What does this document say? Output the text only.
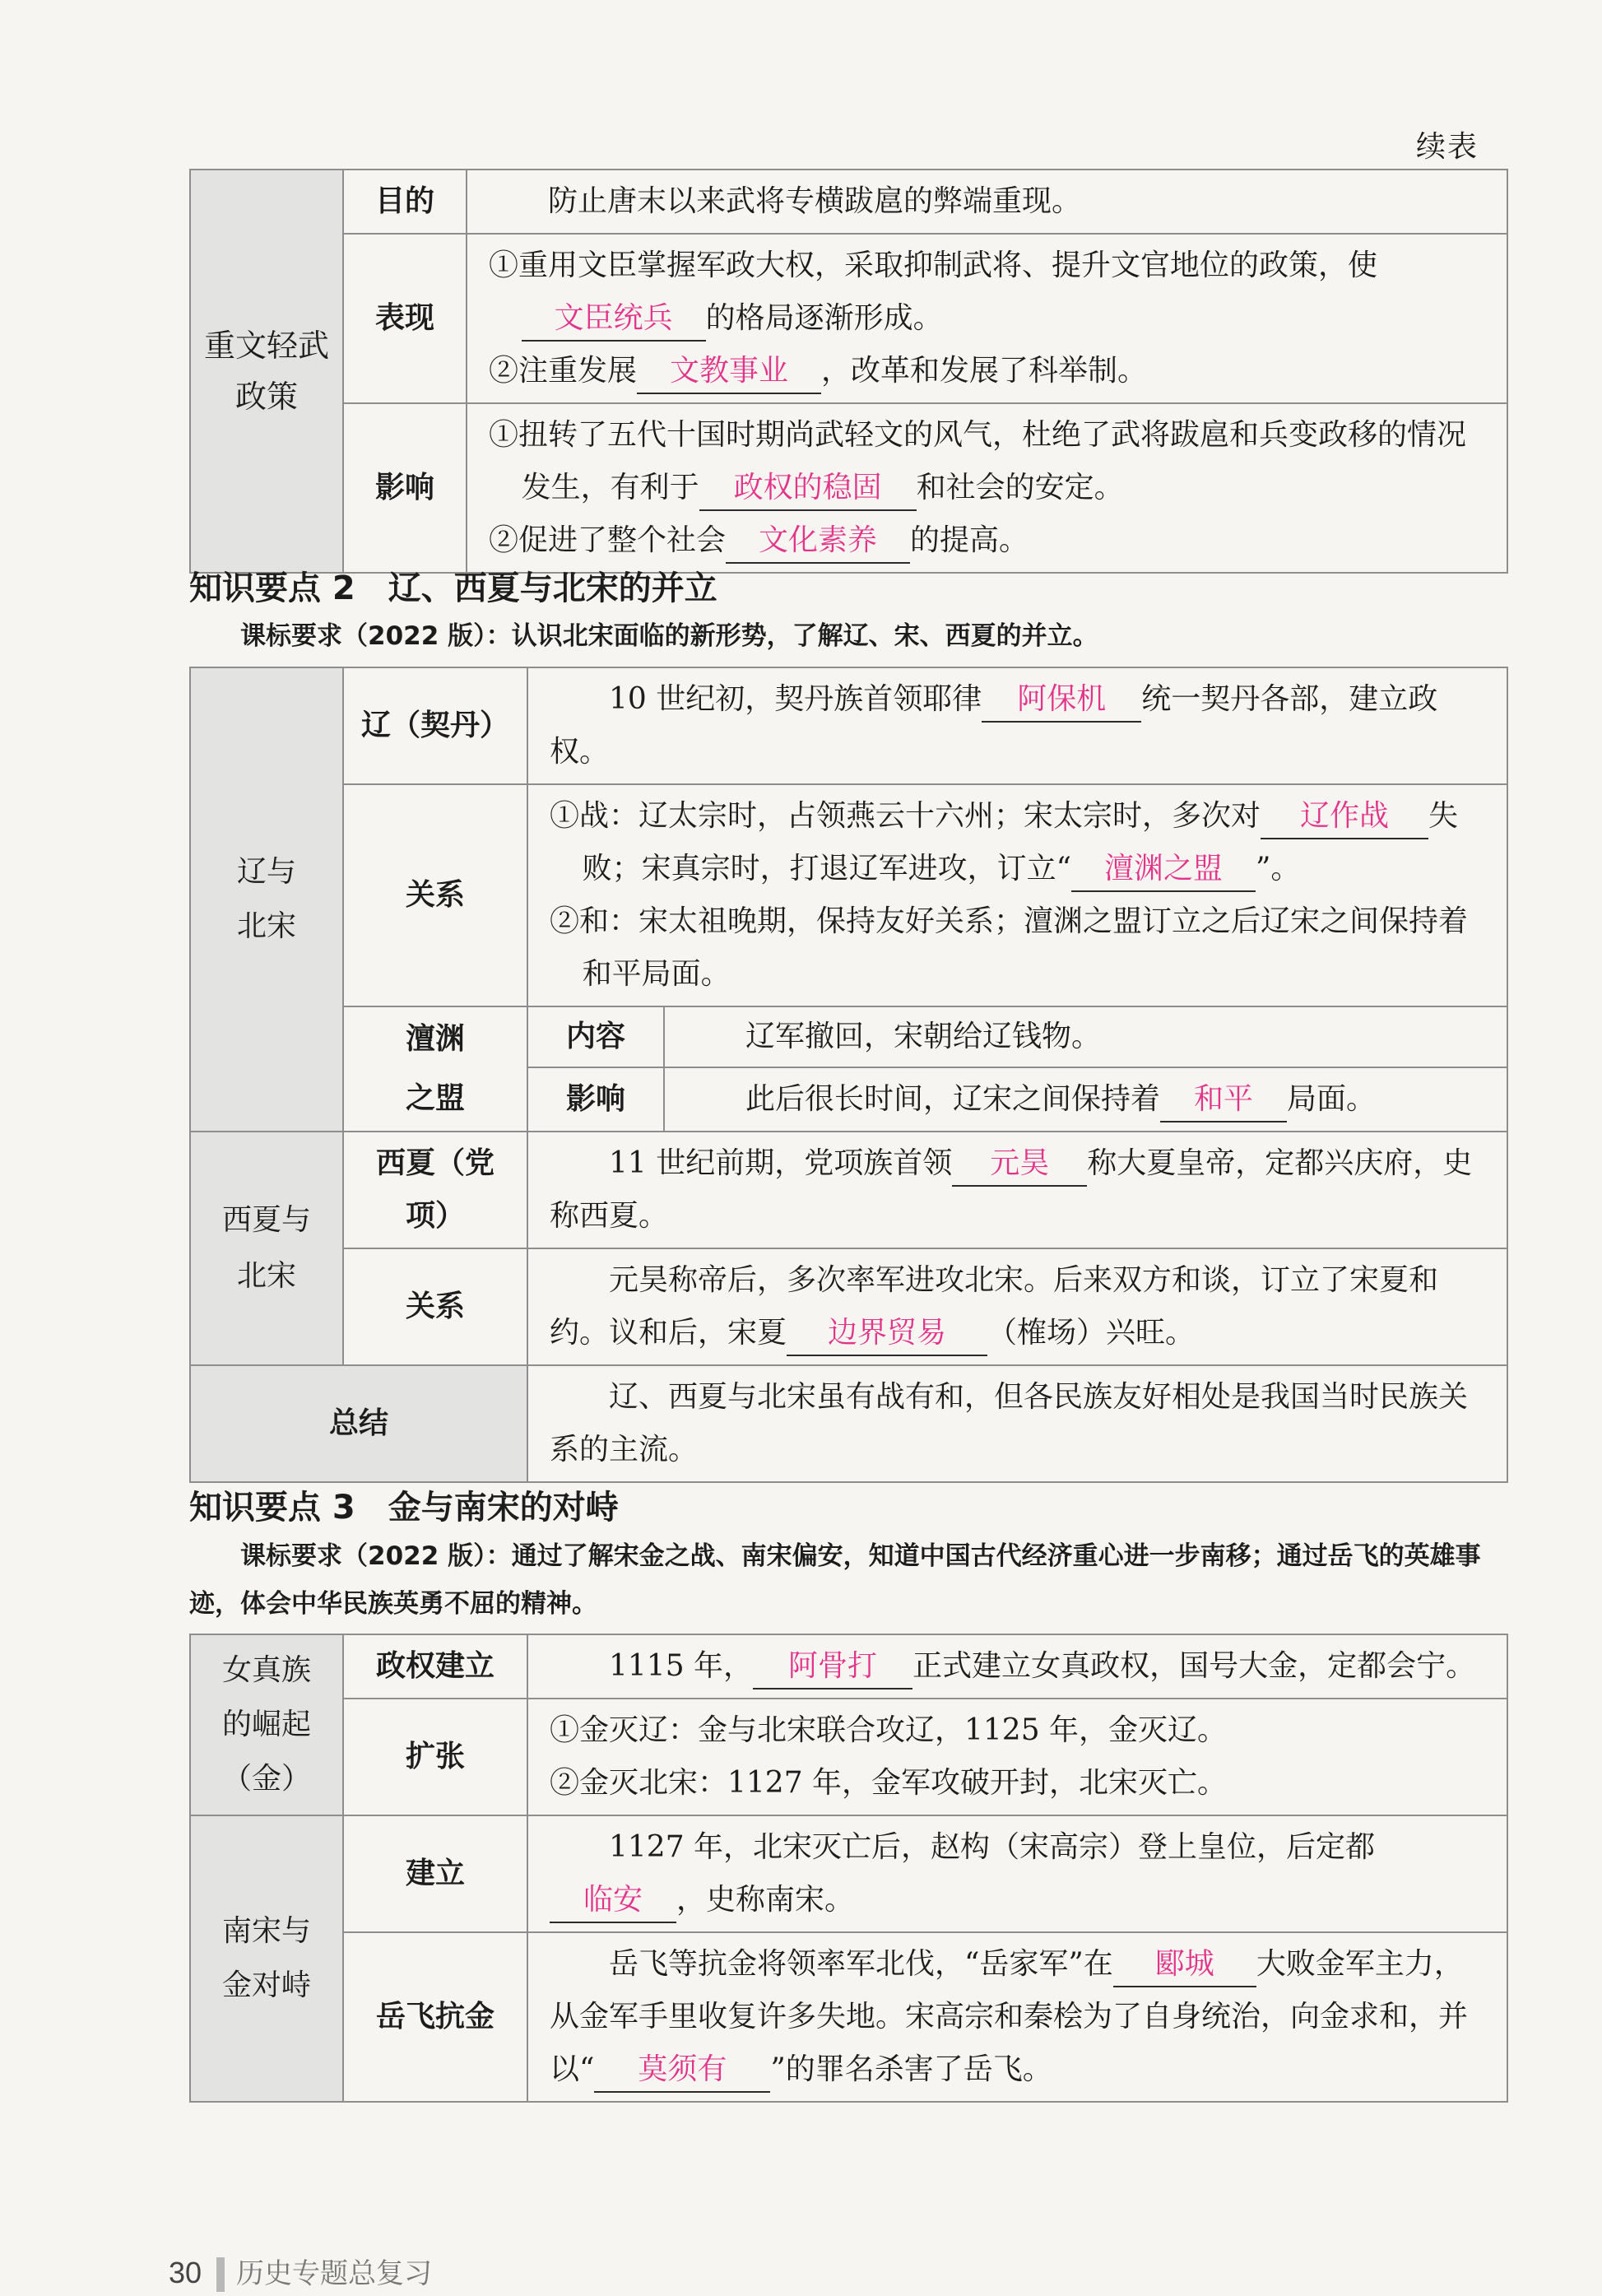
续表
重文轻武政策	目的	防止唐末以来武将专横跋扈的弊端重现。
	表现	①重用文臣掌握军政大权，采取抑制武将、提升文官地位的政策，使文臣统兵 的格局逐渐形成。
②注重发展 文教事业 ，改革和发展了科举制。

	影响	①扭转了五代十国时期尚武轻文的风气，杜绝了武将跋扈和兵变政移的情况发生，有利于 政权的稳固 和社会的安定。
②促进了整个社会 文化素养 的提高。
知识要点 2　辽、西夏与北宋的并立
课标要求（2022 版）：认识北宋面临的新形势，了解辽、宋、西夏的并立。
辽与北宋	辽（契丹）	10 世纪初，契丹族首领耶律 阿保机 统一契丹各部，建立政权。	

	关系	①战：辽太宗时，占领燕云十六州；宋太宗时，多次对 辽作战 失败；宋真宗时，打退辽军进攻，订立“ 澶渊之盟 ”。
②和：宋太祖晚期，保持友好关系；澶渊之盟订立之后辽宋之间保持着和平局面。	

	澶渊之盟	内容	辽军撤回，宋朝给辽钱物。
		影响	此后很长时间，辽宋之间保持着 和平 局面。

西夏与北宋	西夏（党项）	11 世纪前期，党项族首领 元昊 称大夏皇帝，定都兴庆府，史称西夏。	

	关系	元昊称帝后，多次率军进攻北宋。后来双方和谈，订立了宋夏和约。议和后，宋夏 边界贸易 （榷场）兴旺。	

总结		辽、西夏与北宋虽有战有和，但各民族友好相处是我国当时民族关系的主流。	
知识要点 3　金与南宋的对峙
课标要求（2022 版）：通过了解宋金之战、南宋偏安，知道中国古代经济重心进一步南移；通过岳飞的英雄事迹，体会中华民族英勇不屈的精神。
女真族的崛起（金）	政权建立	1115 年， 阿骨打 正式建立女真政权，国号大金，定都会宁。

	扩张	①金灭辽：金与北宋联合攻辽，1125 年，金灭辽。
②金灭北宋：1127 年，金军攻破开封，北宋灭亡。

南宋与金对峙	建立	1127 年，北宋灭亡后，赵构（宋高宗）登上皇位，后定都临安 ，史称南宋。

	岳飞抗金	岳飞等抗金将领率军北伐，“岳家军”在 郾城 大败金军主力，从金军手里收复许多失地。宋高宗和秦桧为了自身统治，向金求和，并以“ 莫须有 ”的罪名杀害了岳飞。
30 历史专题总复习
